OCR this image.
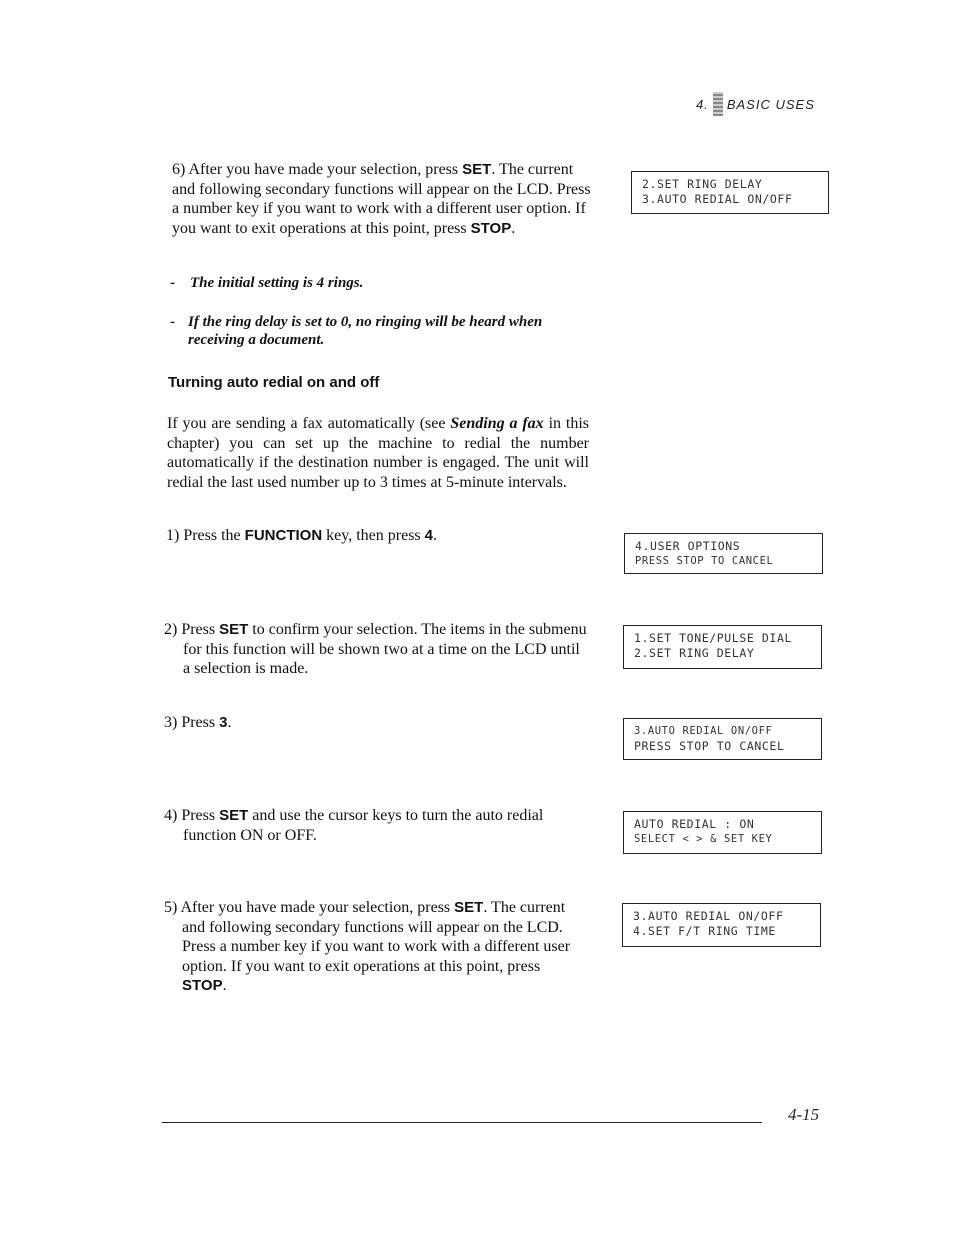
4. BASIC USES
6) After you have made your selection, press SET. The current and following secondary functions will appear on the LCD. Press a number key if you want to work with a different user option. If you want to exit operations at this point, press STOP.
2.SET RING DELAY
3.AUTO REDIAL ON/OFF
- The initial setting is 4 rings.
- If the ring delay is set to 0, no ringing will be heard when receiving a document.
Turning auto redial on and off
If you are sending a fax automatically (see Sending a fax in this chapter) you can set up the machine to redial the number automatically if the destination number is engaged. The unit will redial the last used number up to 3 times at 5-minute intervals.
1) Press the FUNCTION key, then press 4.
4.USER OPTIONS
PRESS STOP TO CANCEL
2) Press SET to confirm your selection. The items in the submenu for this function will be shown two at a time on the LCD until a selection is made.
1.SET TONE/PULSE DIAL
2.SET RING DELAY
3) Press 3.	3.AUTO REDIAL ON/OFF
PRESS STOP TO CANCEL
4) Press SET and use the cursor keys to turn the auto redial function ON or OFF.
AUTO REDIAL : ON
SELECT < > & SET KEY
5) After you have made your selection, press SET. The current and following secondary functions will appear on the LCD. Press a number key if you want to work with a different user option. If you want to exit operations at this point, press STOP.
3.AUTO REDIAL ON/OFF
4.SET F/T RING TIME
4-15
